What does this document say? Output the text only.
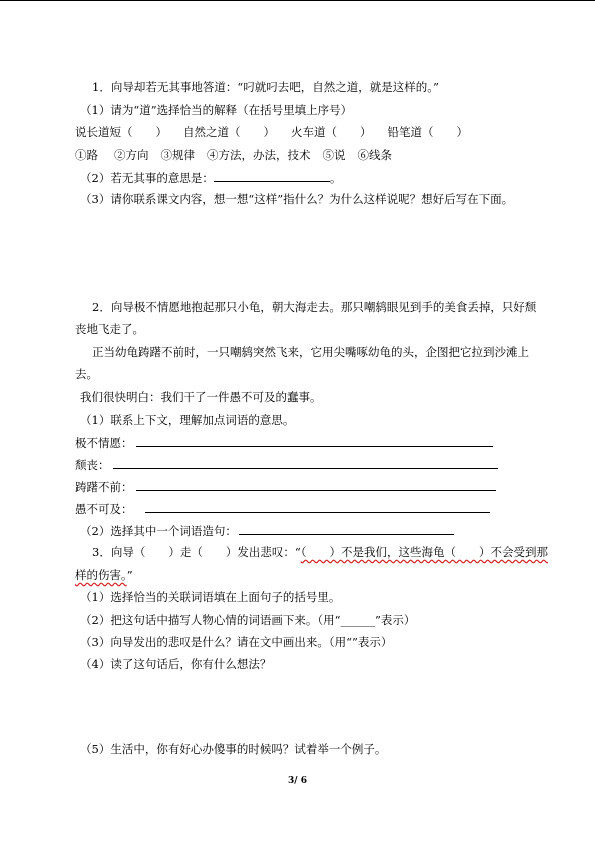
1．向导却若无其事地答道：“叼就叼去吧，自然之道，就是这样的。”
（1）请为“道”选择恰当的解释（在括号里填上序号）
说长道短（　　） 自然之道（　　） 火车道（　　） 铅笔道（　　）
①路 ②方向 ③规律 ④方法，办法，技术 ⑤说 ⑥线条
（2）若无其事的意思是：	。
（3）请你联系课文内容，想一想“这样”指什么？为什么这样说呢？想好后写在下面。
2．向导极不情愿地抱起那只小龟，朝大海走去。那只嘲鸫眼见到手的美食丢掉，只好颓
丧地飞走了。
正当幼龟踌躇不前时，一只嘲鸫突然飞来，它用尖嘴啄幼龟的头，企图把它拉到沙滩上
去。
我们很快明白：我们干了一件愚不可及的蠢事。
（1）联系上下文，理解加点词语的意思。
极不情愿：
颓丧：
踌躇不前：
愚不可及：
（2）选择其中一个词语造句：
3．向导（　　）走（　　）发出悲叹：“（　　）不是我们，这些海龟（　　）不会受到那
样的伤害。”
（1）选择恰当的关联词语填在上面句子的括号里。
（2）把这句话中描写人物心情的词语画下来。（用“______”表示）
（3）向导发出的悲叹是什么？请在文中画出来。（用“”表示）
（4）读了这句话后，你有什么想法？
（5）生活中，你有好心办傻事的时候吗？试着举一个例子。
3/ 6
